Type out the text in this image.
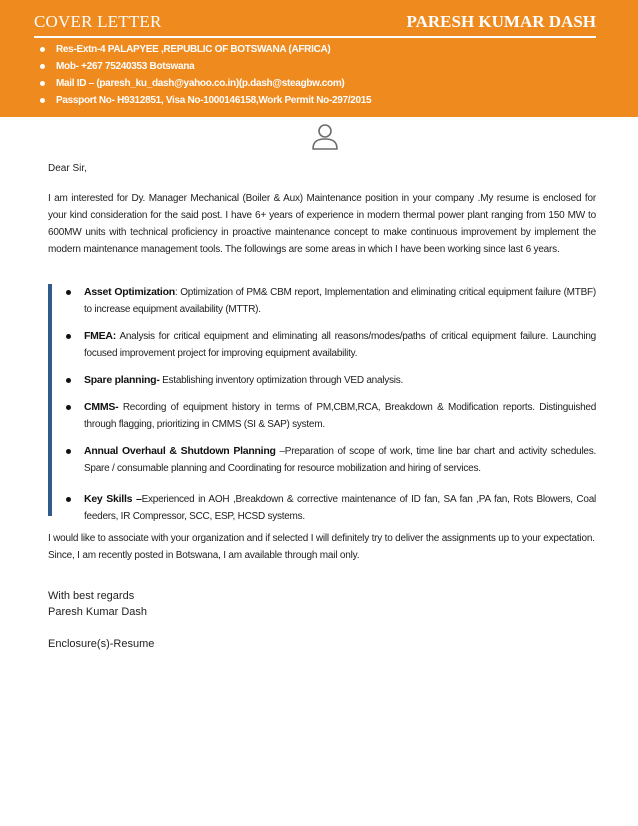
COVER LETTER	PARESH KUMAR DASH
Res-Extn-4 PALAPYEE ,REPUBLIC OF BOTSWANA (AFRICA)
Mob- +267 75240353 Botswana
Mail ID – (paresh_ku_dash@yahoo.co.in)(p.dash@steagbw.com)
Passport No- H9312851, Visa No-1000146158,Work Permit No-297/2015
Dear Sir,
I am interested for Dy. Manager Mechanical (Boiler & Aux) Maintenance position in your company .My resume is enclosed for your kind consideration for the said post. I have 6+ years of experience in modern thermal power plant ranging from 150 MW to 600MW units with technical proficiency in proactive maintenance concept to make continuous improvement by implement the modern maintenance management tools. The followings are some areas in which I have been working since last 6 years.
Asset Optimization: Optimization of PM& CBM report, Implementation and eliminating critical equipment failure (MTBF) to increase equipment availability (MTTR).
FMEA: Analysis for critical equipment and eliminating all reasons/modes/paths of critical equipment failure. Launching focused improvement project for improving equipment availability.
Spare planning- Establishing inventory optimization through VED analysis.
CMMS- Recording of equipment history in terms of PM,CBM,RCA, Breakdown & Modification reports. Distinguished through flagging, prioritizing in CMMS (SI & SAP) system.
Annual Overhaul & Shutdown Planning –Preparation of scope of work, time line bar chart and activity schedules. Spare / consumable planning and Coordinating for resource mobilization and hiring of services.
Key Skills –Experienced in AOH ,Breakdown & corrective maintenance of ID fan, SA fan ,PA fan, Rots Blowers, Coal feeders, IR Compressor, SCC, ESP, HCSD systems.
I would like to associate with your organization and if selected I will definitely try to deliver the assignments up to your expectation. Since, I am recently posted in Botswana, I am available through mail only.
With best regards
Paresh Kumar Dash
Enclosure(s)-Resume
